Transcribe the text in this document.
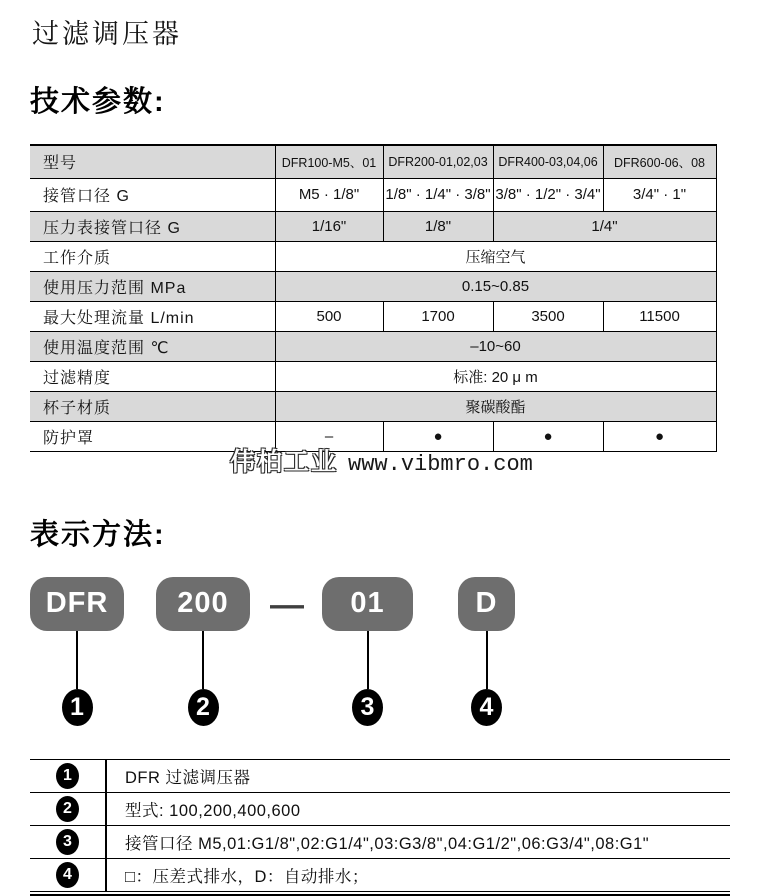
过滤调压器
技术参数:
型号	DFR100-M5、01	DFR200-01,02,03	DFR400-03,04,06	DFR600-06、08
接管口径 G	M5 · 1/8"	1/8" · 1/4" · 3/8"	3/8" · 1/2" · 3/4"	3/4" · 1"
压力表接管口径 G	1/16"	1/8"	1/4"	
工作介质	压缩空气			
使用压力范围 MPa	0.15~0.85			
最大处理流量 L/min	500	1700	3500	11500
使用温度范围 ℃	–10~60			
过滤精度	标准: 20 μ m			
杯子材质	聚碳酸酯			
防护罩	–	●	●	●
伟柏工业 www.vibmro.com
表示方法:
—
DFR
1
200
2
01
3
D
4
1	DFR 过滤调压器
2	型式: 100,200,400,600
3	接管口径 M5,01:G1/8",02:G1/4",03:G3/8",04:G1/2",06:G3/4",08:G1"
4	□：压差式排水，D：自动排水；
